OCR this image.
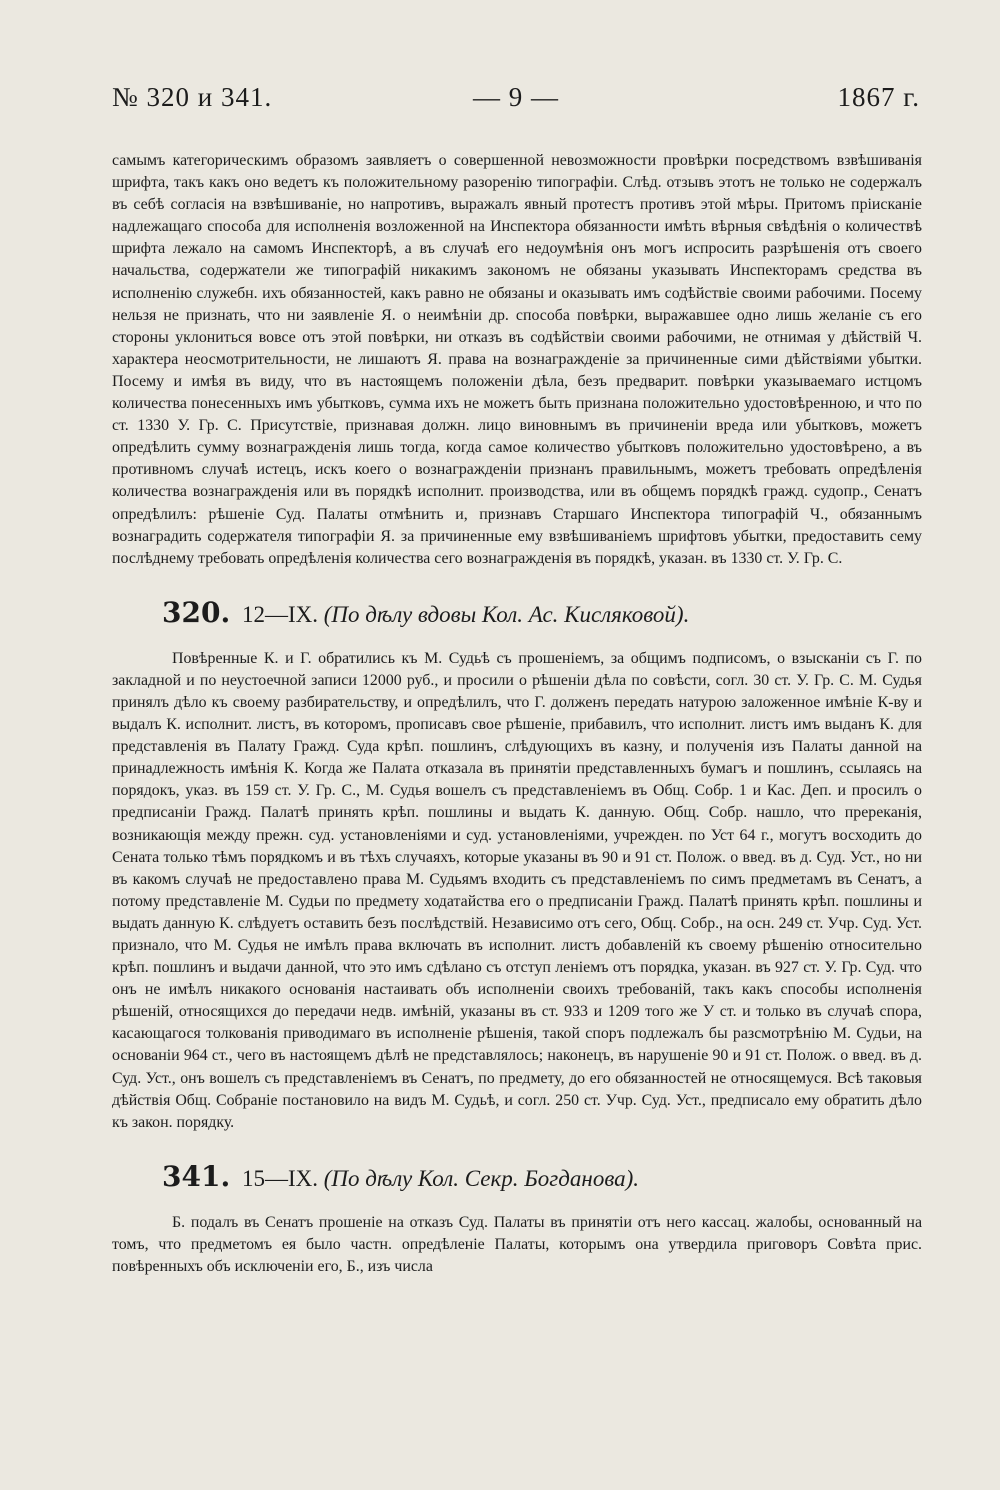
№ 320 и 341.	— 9 —	1867 г.

самымъ категорическимъ образомъ заявляетъ о совершенной невозможности провѣрки посредствомъ взвѣшиванія шрифта, такъ какъ оно ведетъ къ положительному разоренію типографіи. Слѣд. отзывъ этотъ не только не содержалъ въ себѣ согласія на взвѣшиваніе, но напротивъ, выражалъ явный протестъ противъ этой мѣры. Притомъ пріисканіе надлежащаго способа для исполненія возложенной на Инспектора обязанности имѣть вѣрныя свѣдѣнія о количествѣ шрифта лежало на самомъ Инспекторѣ, а въ случаѣ его недоумѣнія онъ могъ испросить разрѣшенія отъ своего начальства, содержатели же типографій никакимъ закономъ не обязаны указывать Инспекторамъ средства въ исполненію служебн. ихъ обязанностей, какъ равно не обязаны и оказывать имъ содѣйствіе своими рабочими. Посему нельзя не признать, что ни заявленіе Я. о неимѣніи др. способа повѣрки, выражавшее одно лишь желаніе съ его стороны уклониться вовсе отъ этой повѣрки, ни отказъ въ содѣйствіи своими рабочими, не отнимая у дѣйствій Ч. характера неосмотрительности, не лишаютъ Я. права на вознагражденіе за причиненные сими дѣйствіями убытки. Посему и имѣя въ виду, что въ настоящемъ положеніи дѣла, безъ предварит. повѣрки указываемаго истцомъ количества понесенныхъ имъ убытковъ, сумма ихъ не можетъ быть признана положительно удостовѣренною, и что по ст. 1330 У. Гр. С. Присутствіе, признавая должн. лицо виновнымъ въ причиненіи вреда или убытковъ, можетъ опредѣлить сумму вознагражденія лишь тогда, когда самое количество убытковъ положительно удостовѣрено, а въ противномъ случаѣ истецъ, искъ коего о вознагражденіи признанъ правильнымъ, можетъ требовать опредѣленія количества вознагражденія или въ порядкѣ исполнит. производства, или въ общемъ порядкѣ гражд. судопр., Сенатъ опредѣлилъ: рѣшеніе Суд. Палаты отмѣнить и, признавъ Старшаго Инспектора типографій Ч., обязаннымъ вознаградить содержателя типографіи Я. за причиненные ему взвѣшиваніемъ шрифтовъ убытки, предоставить сему послѣднему требовать опредѣленія количества сего вознагражденія въ порядкѣ, указан. въ 1330 ст. У. Гр. С.

320. 12—IX. (По дѣлу вдовы Кол. Ас. Кисляковой).

Повѣренные К. и Г. обратились къ М. Судьѣ съ прошеніемъ, за общимъ подписомъ, о взысканіи съ Г. по закладной и по неустоечной записи 12000 руб., и просили о рѣшеніи дѣла по совѣсти, согл. 30 ст. У. Гр. С. М. Судья принялъ дѣло къ своему разбирательству, и опредѣлилъ, что Г. долженъ передать натурою заложенное имѣніе К-ву и выдалъ К. исполнит. листъ, въ которомъ, прописавъ свое рѣшеніе, прибавилъ, что исполнит. листъ имъ выданъ К. для представленія въ Палату Гражд. Суда крѣп. пошлинъ, слѣдующихъ въ казну, и полученія изъ Палаты данной на принадлежность имѣнія К. Когда же Палата отказала въ принятіи представленныхъ бумагъ и пошлинъ, ссылаясь на порядокъ, указ. въ 159 ст. У. Гр. С., М. Судья вошелъ съ представленіемъ въ Общ. Собр. 1 и Кас. Деп. и просилъ о предписаніи Гражд. Палатѣ принять крѣп. пошлины и выдать К. данную. Общ. Собр. нашло, что пререканія, возникающія между прежн. суд. установленіями и суд. установленіями, учрежден. по Уст 64 г., могутъ восходить до Сената только тѣмъ порядкомъ и въ тѣхъ случаяхъ, которые указаны въ 90 и 91 ст. Полож. о введ. въ д. Суд. Уст., но ни въ какомъ случаѣ не предоставлено права М. Судьямъ входить съ представленіемъ по симъ предметамъ въ Сенатъ, а потому представленіе М. Судьи по предмету ходатайства его о предписаніи Гражд. Палатѣ принять крѣп. пошлины и выдать данную К. слѣдуетъ оставить безъ послѣдствій. Независимо отъ сего, Общ. Собр., на осн. 249 ст. Учр. Суд. Уст. признало, что М. Судья не имѣлъ права включать въ исполнит. листъ добавленій къ своему рѣшенію относительно крѣп. пошлинъ и выдачи данной, что это имъ сдѣлано съ отступ ленiемъ отъ порядка, указан. въ 927 ст. У. Гр. Суд. что онъ не имѣлъ никакого основанія настаивать объ исполненіи своихъ требованій, такъ какъ способы исполненія рѣшеній, относящихся до передачи недв. имѣній, указаны въ ст. 933 и 1209 того же У ст. и только въ случаѣ спора, касающагося толкованія приводимаго въ исполненіе рѣшенія, такой споръ подлежалъ бы разсмотрѣнію М. Судьи, на основаніи 964 ст., чего въ настоящемъ дѣлѣ не представлялось; наконецъ, въ нарушеніе 90 и 91 ст. Полож. о введ. въ д. Суд. Уст., онъ вошелъ съ представленіемъ въ Сенатъ, по предмету, до его обязанностей не относящемуся. Всѣ таковыя дѣйствія Общ. Собраніе постановило на видъ М. Судьѣ, и согл. 250 ст. Учр. Суд. Уст., предписало ему обратить дѣло къ закон. порядку.

341. 15—IX. (По дѣлу Кол. Секр. Богданова).

Б. подалъ въ Сенатъ прошеніе на отказъ Суд. Палаты въ принятіи отъ него кассац. жалобы, основанный на томъ, что предметомъ ея было частн. опредѣленіе Палаты, которымъ она утвердила приговоръ Совѣта прис. повѣренныхъ объ исключеніи его, Б., изъ числа
